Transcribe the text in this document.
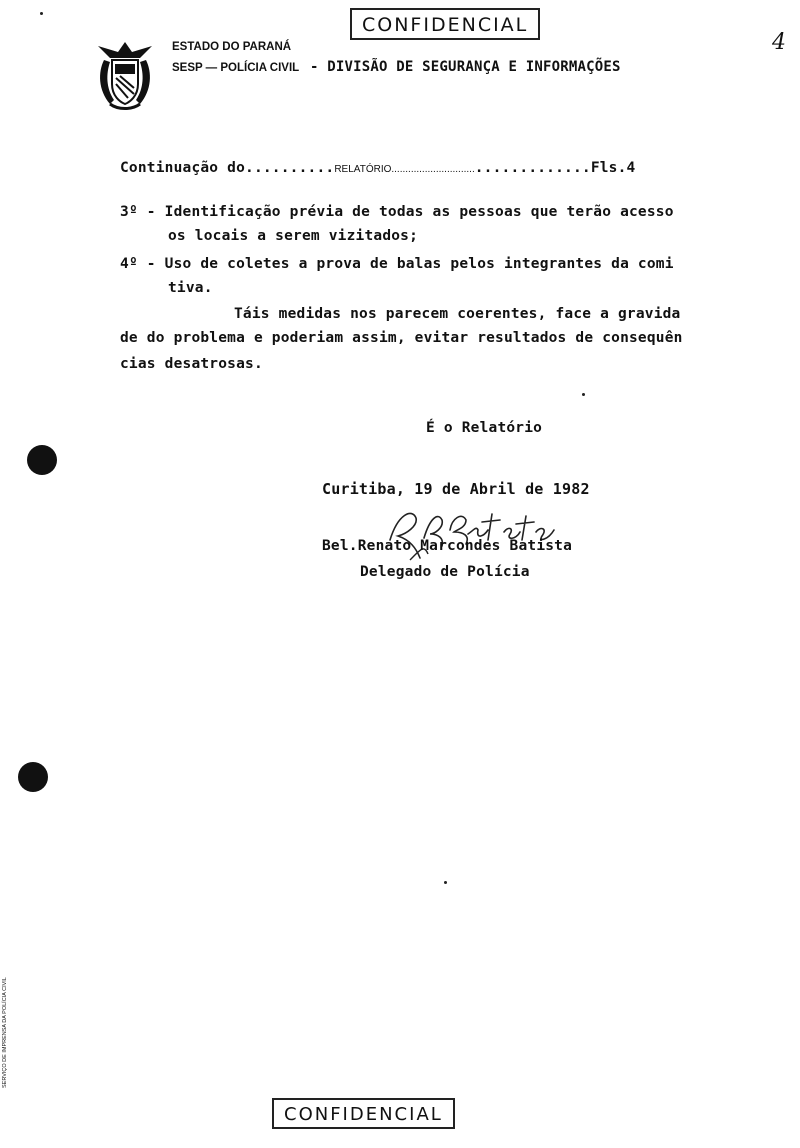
CONFIDENCIAL
4
ESTADO DO PARANÁ
SESP — POLÍCIA CIVIL - DIVISÃO DE SEGURANÇA E INFORMAÇÕES
Continuação do..........RELATÓRIO...........................................Fls.4
3º - Identificação prévia de todas as pessoas que terão acesso
os locais a serem vizitados;
4º - Uso de coletes a prova de balas pelos integrantes da comi
tiva.
Táis medidas nos parecem coerentes, face a gravida
de do problema e poderiam assim, evitar resultados de consequên
cias desatrosas.
É o Relatório
Curitiba, 19 de Abril de 1982
Bel.Renato Marcondes Batista
Delegado de Polícia
SERVIÇO DE IMPRENSA DA POLÍCIA CIVIL
CONFIDENCIAL
